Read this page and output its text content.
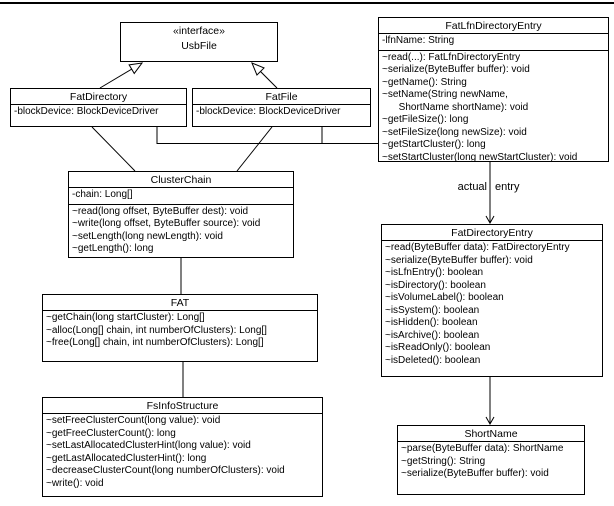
actual entry
«interface»
UsbFile
FatDirectory
-blockDevice: BlockDeviceDriver
FatFile
-blockDevice: BlockDeviceDriver
FatLfnDirectoryEntry
-lfnName: String
~read(...): FatLfnDirectoryEntry
~serialize(ByteBuffer buffer): void
~getName(): String
~setName(String newName,
ShortName shortName): void
~getFileSize(): long
~setFileSize(long newSize): void
~getStartCluster(): long
~setStartCluster(long newStartCluster): void
ClusterChain
-chain: Long[]
~read(long offset, ByteBuffer dest): void
~write(long offset, ByteBuffer source): void
~setLength(long newLength): void
~getLength(): long
FAT
~getChain(long startCluster): Long[]
~alloc(Long[] chain, int numberOfClusters): Long[]
~free(Long[] chain, int numberOfClusters): Long[]
FsInfoStructure
~setFreeClusterCount(long value): void
~getFreeClusterCount(): long
~setLastAllocatedClusterHint(long value): void
~getLastAllocatedClusterHint(): long
~decreaseClusterCount(long numberOfClusters): void
~write(): void
FatDirectoryEntry
~read(ByteBuffer data): FatDirectoryEntry
~serialize(ByteBuffer buffer): void
~isLfnEntry(): boolean
~isDirectory(): boolean
~isVolumeLabel(): boolean
~isSystem(): boolean
~isHidden(): boolean
~isArchive(): boolean
~isReadOnly(): boolean
~isDeleted(): boolean
ShortName
~parse(ByteBuffer data): ShortName
~getString(): String
~serialize(ByteBuffer buffer): void
